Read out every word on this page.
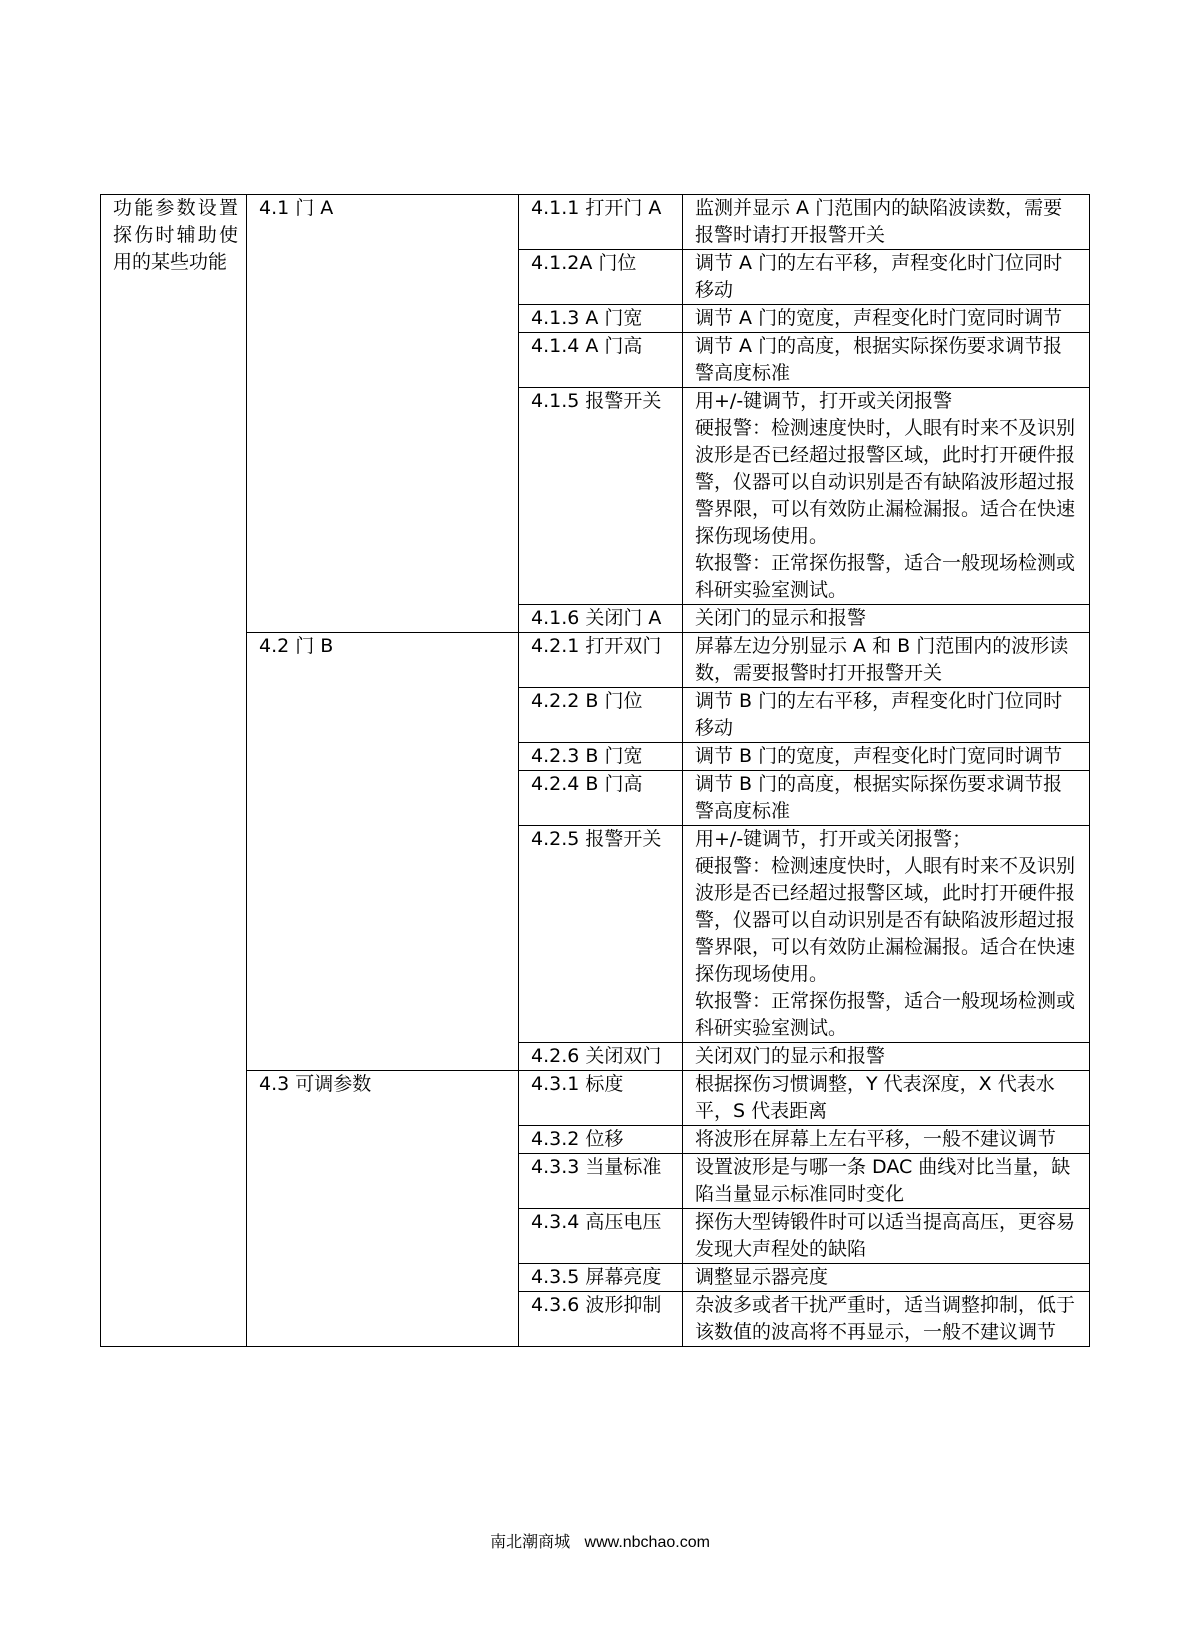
功能参数设置探伤时辅助使用的某些功能	4.1 门 A	4.1.1 打开门 A	监测并显示 A 门范围内的缺陷波读数，需要报警时请打开报警开关

		4.1.2A 门位	调节 A 门的左右平移，声程变化时门位同时移动

		4.1.3 A 门宽	调节 A 门的宽度，声程变化时门宽同时调节

		4.1.4 A 门高	调节 A 门的高度，根据实际探伤要求调节报警高度标准

		4.1.5 报警开关	用+/-键调节，打开或关闭报警
硬报警：检测速度快时，人眼有时来不及识别波形是否已经超过报警区域，此时打开硬件报警，仪器可以自动识别是否有缺陷波形超过报警界限，可以有效防止漏检漏报。适合在快速探伤现场使用。
软报警：正常探伤报警，适合一般现场检测或科研实验室测试。

		4.1.6 关闭门 A	关闭门的显示和报警

	4.2 门 B	4.2.1 打开双门	屏幕左边分别显示 A 和 B 门范围内的波形读数，需要报警时打开报警开关

		4.2.2 B 门位	调节 B 门的左右平移，声程变化时门位同时移动

		4.2.3 B 门宽	调节 B 门的宽度，声程变化时门宽同时调节

		4.2.4 B 门高	调节 B 门的高度，根据实际探伤要求调节报警高度标准

		4.2.5 报警开关	用+/-键调节，打开或关闭报警；
硬报警：检测速度快时，人眼有时来不及识别波形是否已经超过报警区域，此时打开硬件报警，仪器可以自动识别是否有缺陷波形超过报警界限，可以有效防止漏检漏报。适合在快速探伤现场使用。
软报警：正常探伤报警，适合一般现场检测或科研实验室测试。

		4.2.6 关闭双门	关闭双门的显示和报警

	4.3 可调参数	4.3.1 标度	根据探伤习惯调整，Y 代表深度，X 代表水平，S 代表距离

		4.3.2 位移	将波形在屏幕上左右平移，一般不建议调节

		4.3.3 当量标准	设置波形是与哪一条 DAC 曲线对比当量，缺陷当量显示标准同时变化

		4.3.4 高压电压	探伤大型铸锻件时可以适当提高高压，更容易发现大声程处的缺陷

		4.3.5 屏幕亮度	调整显示器亮度

		4.3.6 波形抑制	杂波多或者干扰严重时，适当调整抑制，低于该数值的波高将不再显示，一般不建议调节
南北潮商城 www.nbchao.com
